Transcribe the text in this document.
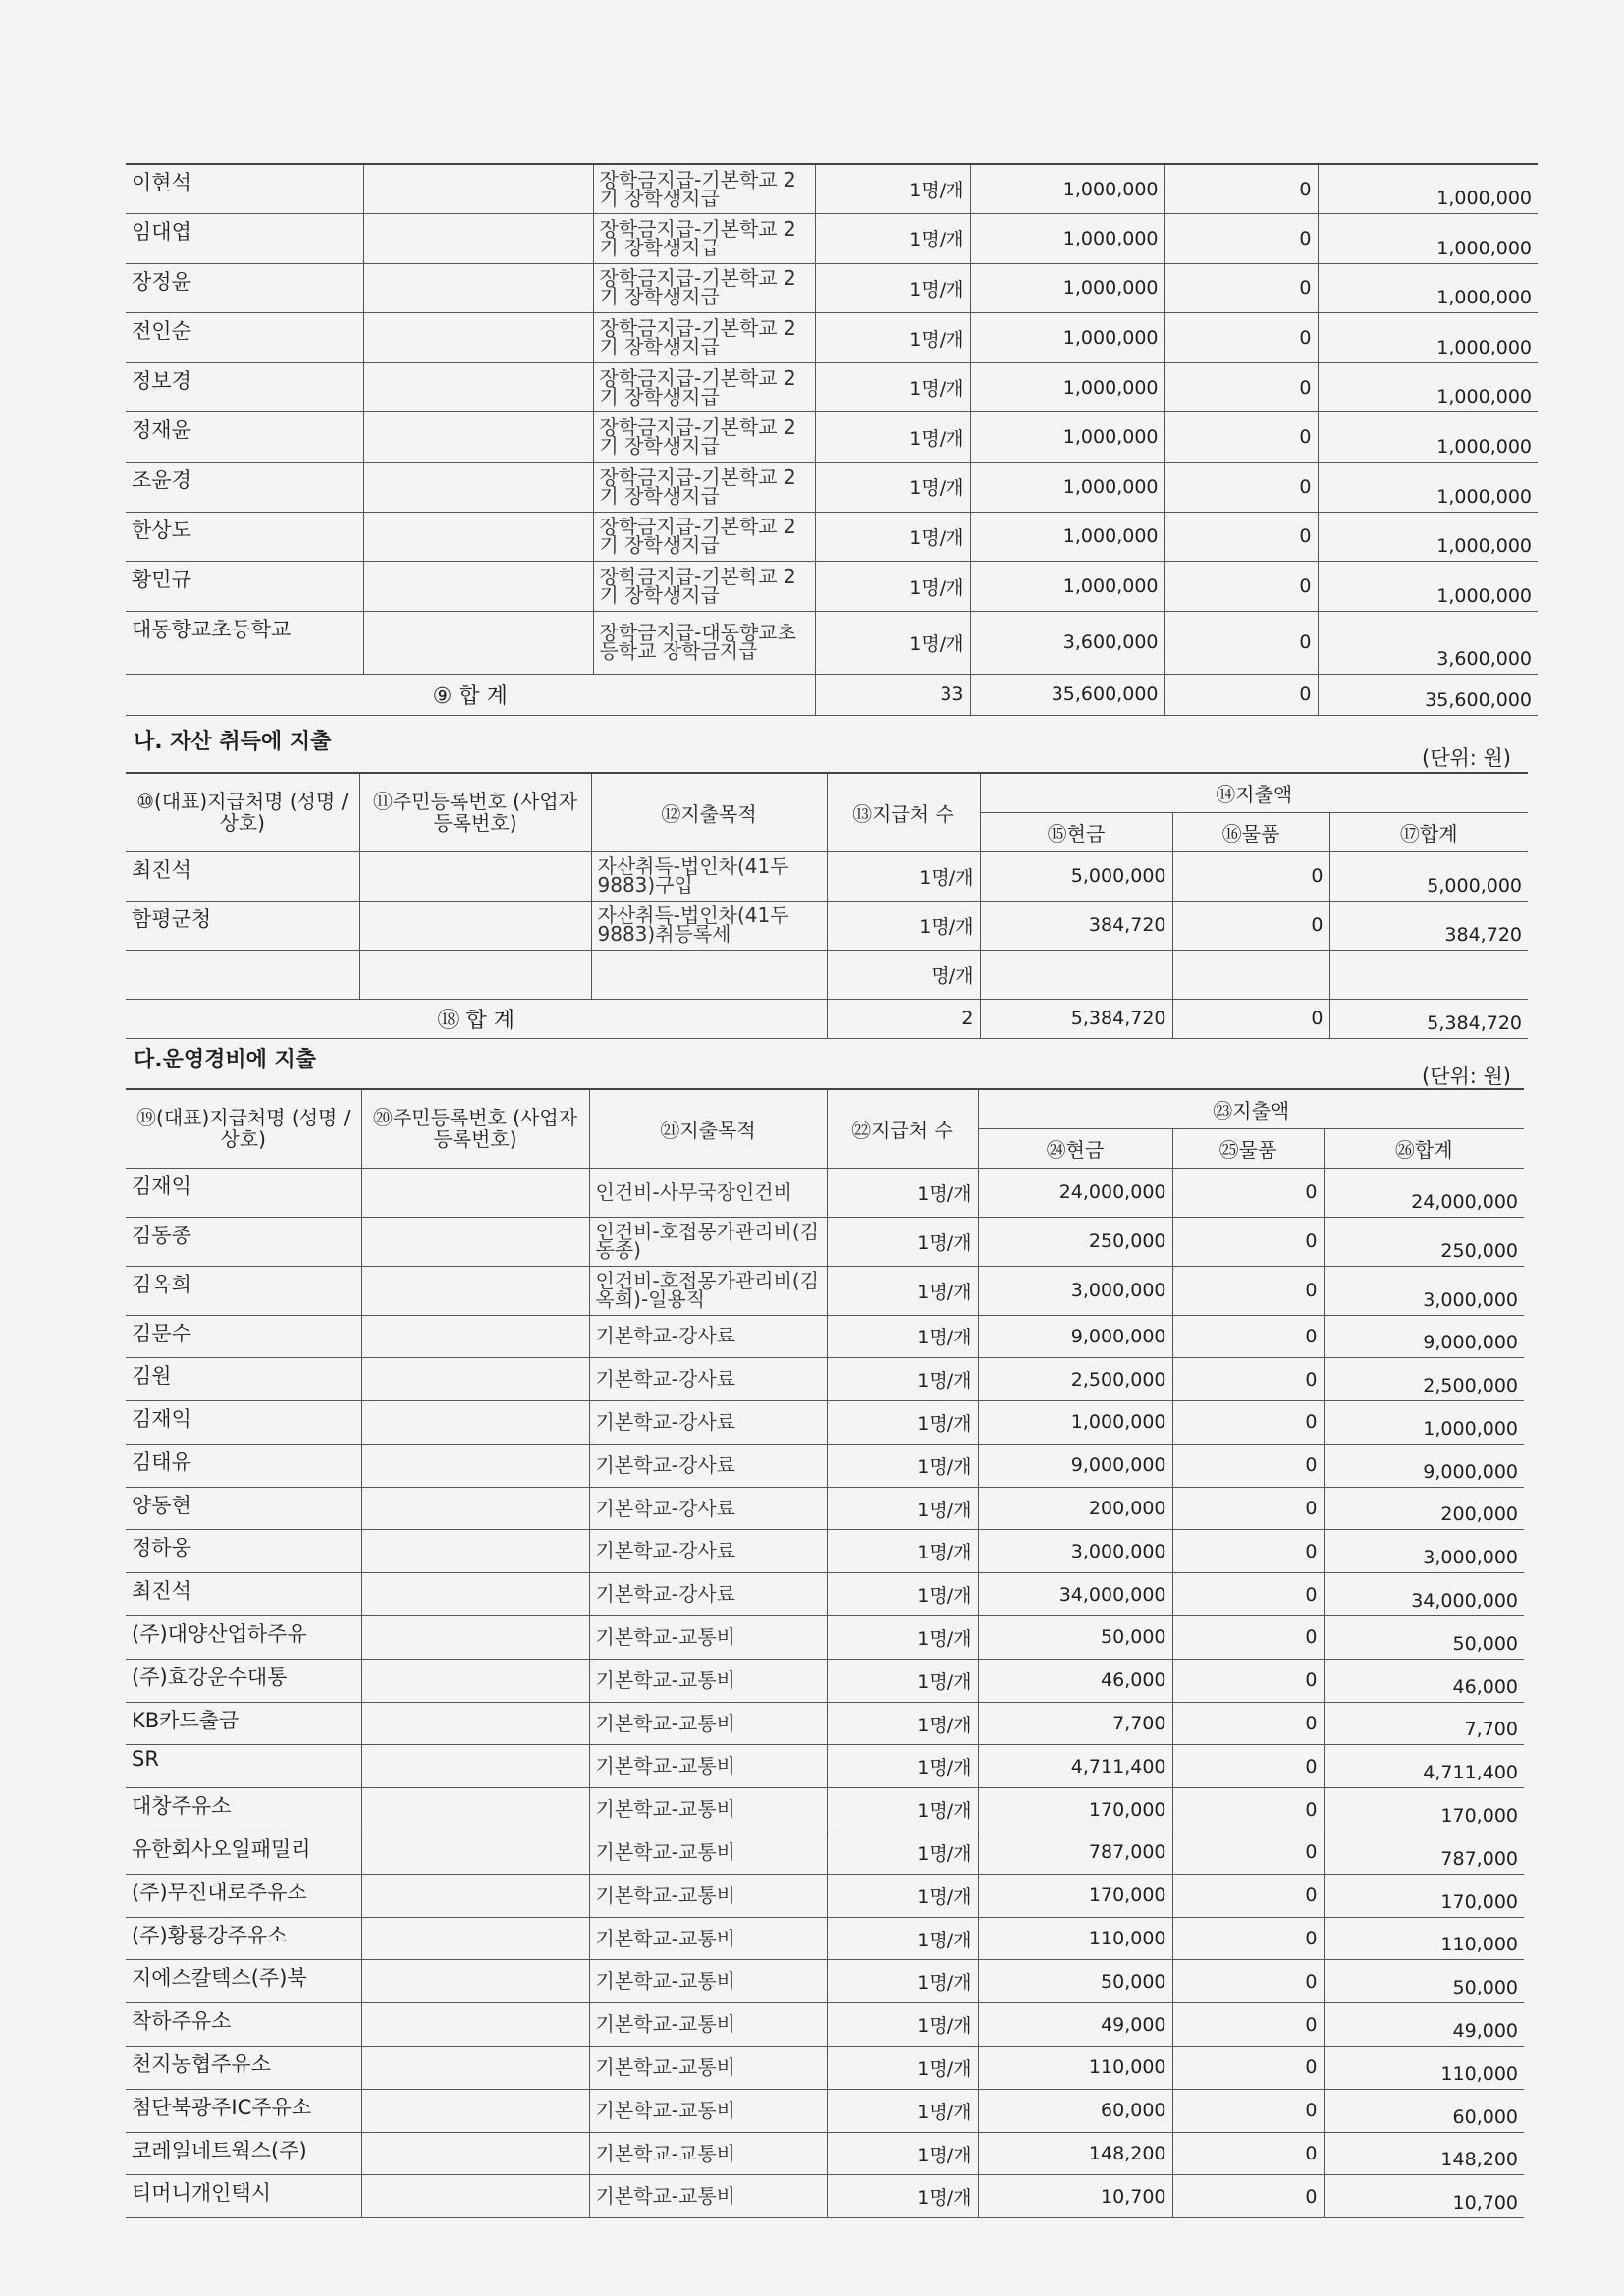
이현석		장학금지급-기본학교 2기 장학생지급	1명/개	1,000,000	0	1,000,000
임대엽		장학금지급-기본학교 2기 장학생지급	1명/개	1,000,000	0	1,000,000
장정윤		장학금지급-기본학교 2기 장학생지급	1명/개	1,000,000	0	1,000,000
전인순		장학금지급-기본학교 2기 장학생지급	1명/개	1,000,000	0	1,000,000
정보경		장학금지급-기본학교 2기 장학생지급	1명/개	1,000,000	0	1,000,000
정재윤		장학금지급-기본학교 2기 장학생지급	1명/개	1,000,000	0	1,000,000
조윤경		장학금지급-기본학교 2기 장학생지급	1명/개	1,000,000	0	1,000,000
한상도		장학금지급-기본학교 2기 장학생지급	1명/개	1,000,000	0	1,000,000
황민규		장학금지급-기본학교 2기 장학생지급	1명/개	1,000,000	0	1,000,000
대동향교초등학교		장학금지급-대동향교초등학교 장학금지급	1명/개	3,600,000	0	3,600,000
⑨ 합 계			33	35,600,000	0	35,600,000
나. 자산 취득에 지출
(단위: 원)
⑩(대표)지급처명 (성명 / 상호)	⑪주민등록번호 (사업자등록번호)	⑫지출목적	⑬지급처 수	⑭지출액		
				⑮현금	⑯물품	⑰합계
최진석		자산취득-법인차(41두9883)구입	1명/개	5,000,000	0	5,000,000
함평군청		자산취득-법인차(41두9883)취등록세	1명/개	384,720	0	384,720
			명/개			
⑱ 합 계			2	5,384,720	0	5,384,720
다.운영경비에 지출
(단위: 원)
⑲(대표)지급처명 (성명 / 상호)	⑳주민등록번호 (사업자등록번호)	㉑지출목적	㉒지급처 수	㉓지출액		
				㉔현금	㉕물품	㉖합계
김재익		인건비-사무국장인건비	1명/개	24,000,000	0	24,000,000
김동종		인건비-호접몽가관리비(김동종)	1명/개	250,000	0	250,000
김옥희		인건비-호접몽가관리비(김옥희)-일용직	1명/개	3,000,000	0	3,000,000
김문수		기본학교-강사료	1명/개	9,000,000	0	9,000,000
김원		기본학교-강사료	1명/개	2,500,000	0	2,500,000
김재익		기본학교-강사료	1명/개	1,000,000	0	1,000,000
김태유		기본학교-강사료	1명/개	9,000,000	0	9,000,000
양동현		기본학교-강사료	1명/개	200,000	0	200,000
정하웅		기본학교-강사료	1명/개	3,000,000	0	3,000,000
최진석		기본학교-강사료	1명/개	34,000,000	0	34,000,000
(주)대양산업하주유		기본학교-교통비	1명/개	50,000	0	50,000
(주)효강운수대통		기본학교-교통비	1명/개	46,000	0	46,000
KB카드출금		기본학교-교통비	1명/개	7,700	0	7,700
SR		기본학교-교통비	1명/개	4,711,400	0	4,711,400
대창주유소		기본학교-교통비	1명/개	170,000	0	170,000
유한회사오일패밀리		기본학교-교통비	1명/개	787,000	0	787,000
(주)무진대로주유소		기본학교-교통비	1명/개	170,000	0	170,000
(주)황룡강주유소		기본학교-교통비	1명/개	110,000	0	110,000
지에스칼텍스(주)북		기본학교-교통비	1명/개	50,000	0	50,000
착하주유소		기본학교-교통비	1명/개	49,000	0	49,000
천지농협주유소		기본학교-교통비	1명/개	110,000	0	110,000
첨단북광주IC주유소		기본학교-교통비	1명/개	60,000	0	60,000
코레일네트웍스(주)		기본학교-교통비	1명/개	148,200	0	148,200
티머니개인택시		기본학교-교통비	1명/개	10,700	0	10,700
